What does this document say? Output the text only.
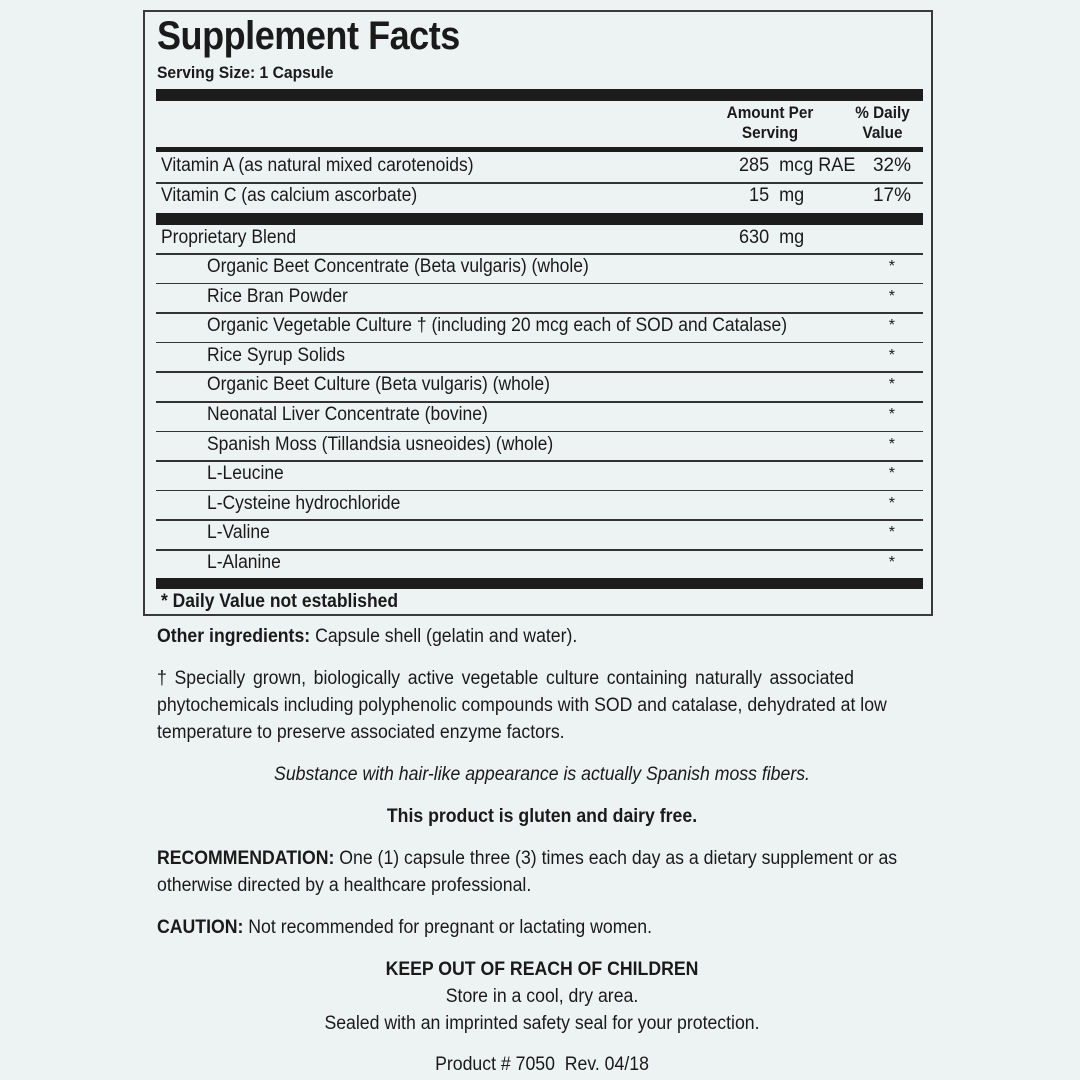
Supplement Facts
Serving Size: 1 Capsule
Amount Per
Serving
% Daily
Value
Vitamin A (as natural mixed carotenoids)	285  mcg RAE 32%
Vitamin C (as calcium ascorbate)	15  mg	17%
Proprietary Blend	630  mg
Organic Beet Concentrate (Beta vulgaris) (whole)	*
Rice Bran Powder	*
Organic Vegetable Culture † (including 20 mcg each of SOD and Catalase)	*
Rice Syrup Solids	*
Organic Beet Culture (Beta vulgaris) (whole)	*
Neonatal Liver Concentrate (bovine)	*
Spanish Moss (Tillandsia usneoides) (whole)	*
L-Leucine	*
L-Cysteine hydrochloride	*
L-Valine	*
L-Alanine	*
* Daily Value not established
Other ingredients: Capsule shell (gelatin and water).
† Specially grown, biologically active vegetable culture containing naturally associated
phytochemicals including polyphenolic compounds with SOD and catalase, dehydrated at low
temperature to preserve associated enzyme factors.
Substance with hair-like appearance is actually Spanish moss fibers.
This product is gluten and dairy free.
RECOMMENDATION: One (1) capsule three (3) times each day as a dietary supplement or as
otherwise directed by a healthcare professional.
CAUTION: Not recommended for pregnant or lactating women.
KEEP OUT OF REACH OF CHILDREN
Store in a cool, dry area.
Sealed with an imprinted safety seal for your protection.
Product # 7050  Rev. 04/18
